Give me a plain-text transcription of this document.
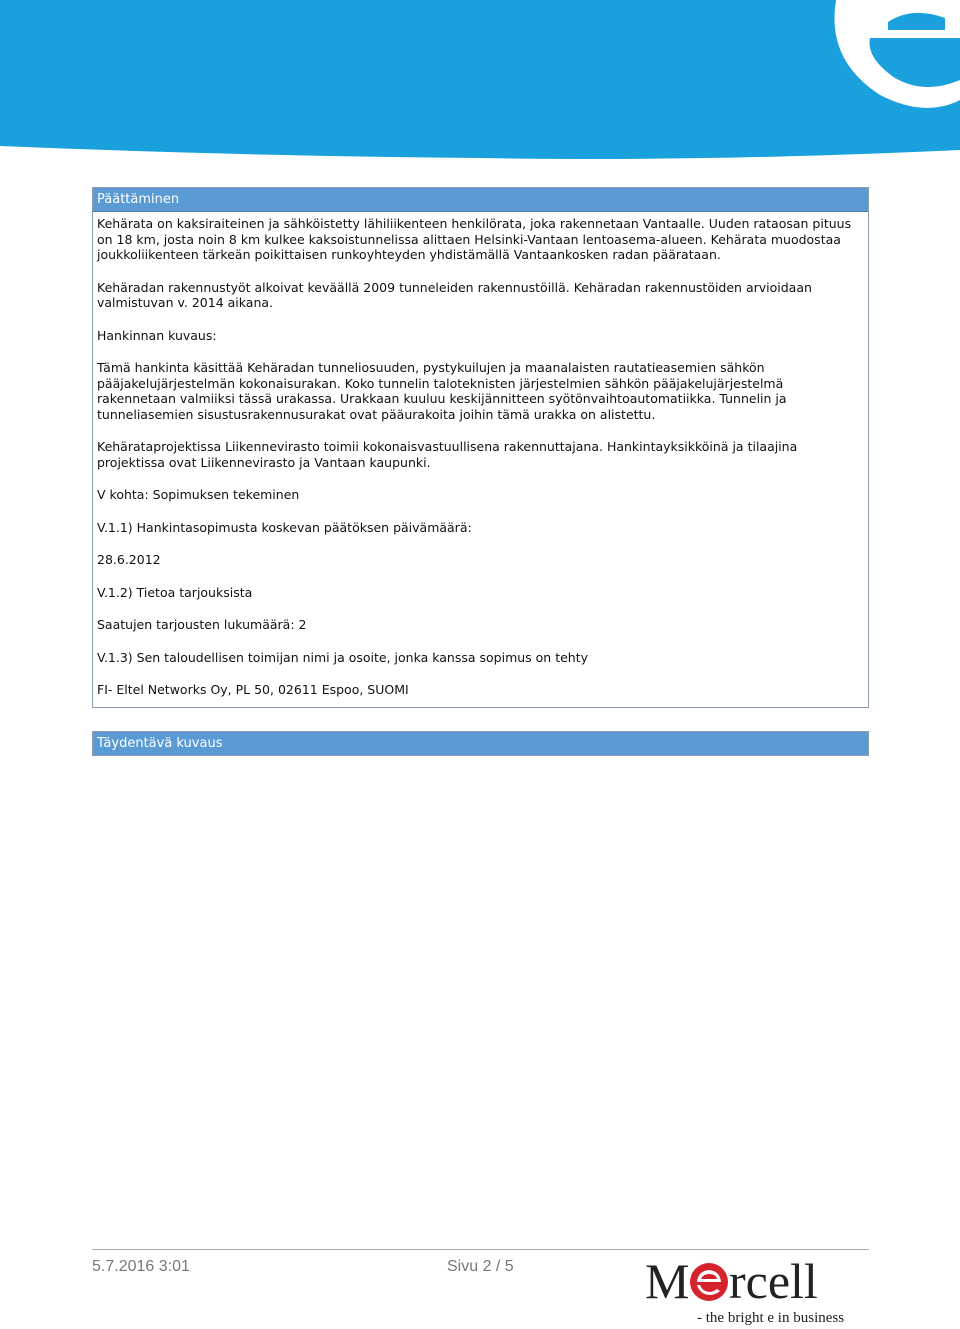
Päättäminen

Kehärata on kaksiraiteinen ja sähköistetty lähiliikenteen henkilörata, joka rakennetaan Vantaalle. Uuden rataosan pituus on 18 km, josta noin 8 km kulkee kaksoistunnelissa alittaen Helsinki-Vantaan lentoasema-alueen. Kehärata muodostaa joukkoliikenteen tärkeän poikittaisen runkoyhteyden yhdistämällä Vantaankosken radan päärataan.

Kehäradan rakennustyöt alkoivat keväällä 2009 tunneleiden rakennustöillä. Kehäradan rakennustöiden arvioidaan valmistuvan v. 2014 aikana.

Hankinnan kuvaus:

Tämä hankinta käsittää Kehäradan tunneliosuuden, pystykuilujen ja maanalaisten rautatieasemien sähkön pääjakelujärjestelmän kokonaisurakan. Koko tunnelin taloteknisten järjestelmien sähkön pääjakelujärjestelmä rakennetaan valmiiksi tässä urakassa. Urakkaan kuuluu keskijännitteen syötönvaihtoautomatiikka. Tunnelin ja tunneliasemien sisustusrakennusurakat ovat pääurakoita joihin tämä urakka on alistettu.

Kehärataprojektissa Liikennevirasto toimii kokonaisvastuullisena rakennuttajana. Hankintayksikköinä ja tilaajina projektissa ovat Liikennevirasto ja Vantaan kaupunki.

V kohta: Sopimuksen tekeminen

V.1.1) Hankintasopimusta koskevan päätöksen päivämäärä:

28.6.2012

V.1.2) Tietoa tarjouksista

Saatujen tarjousten lukumäärä: 2

V.1.3) Sen taloudellisen toimijan nimi ja osoite, jonka kanssa sopimus on tehty

FI- Eltel Networks Oy, PL 50, 02611 Espoo, SUOMI

Täydentävä kuvaus
5.7.2016 3:01	Sivu 2 / 5	M rcell
- the bright e in business
